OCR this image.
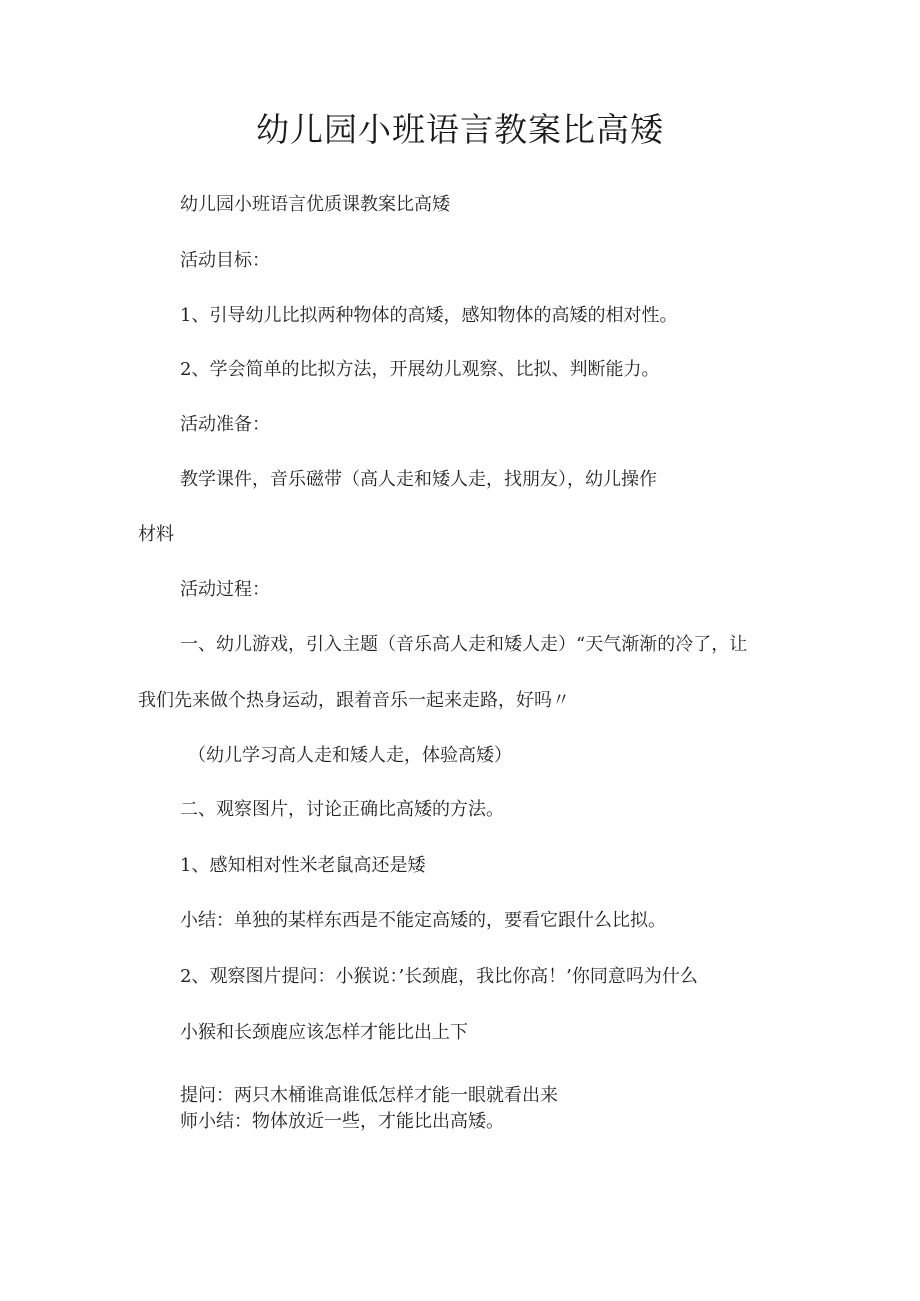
幼儿园小班语言教案比高矮
幼儿园小班语言优质课教案比高矮
活动目标：
1、引导幼儿比拟两种物体的高矮，感知物体的高矮的相对性。
2、学会简单的比拟方法，开展幼儿观察、比拟、判断能力。
活动准备：
教学课件，音乐磁带（高人走和矮人走，找朋友），幼儿操作
材料
活动过程：
一、幼儿游戏，引入主题（音乐高人走和矮人走）“天气渐渐的冷了，让
我们先来做个热身运动，跟着音乐一起来走路，好吗〃
（幼儿学习高人走和矮人走，体验高矮）
二、观察图片，讨论正确比高矮的方法。
1、感知相对性米老鼠高还是矮
小结：单独的某样东西是不能定高矮的，要看它跟什么比拟。
2、观察图片提问：小猴说：’长颈鹿，我比你高！’你同意吗为什么
小猴和长颈鹿应该怎样才能比出上下
提问：两只木桶谁高谁低怎样才能一眼就看出来
师小结：物体放近一些，才能比出高矮。
